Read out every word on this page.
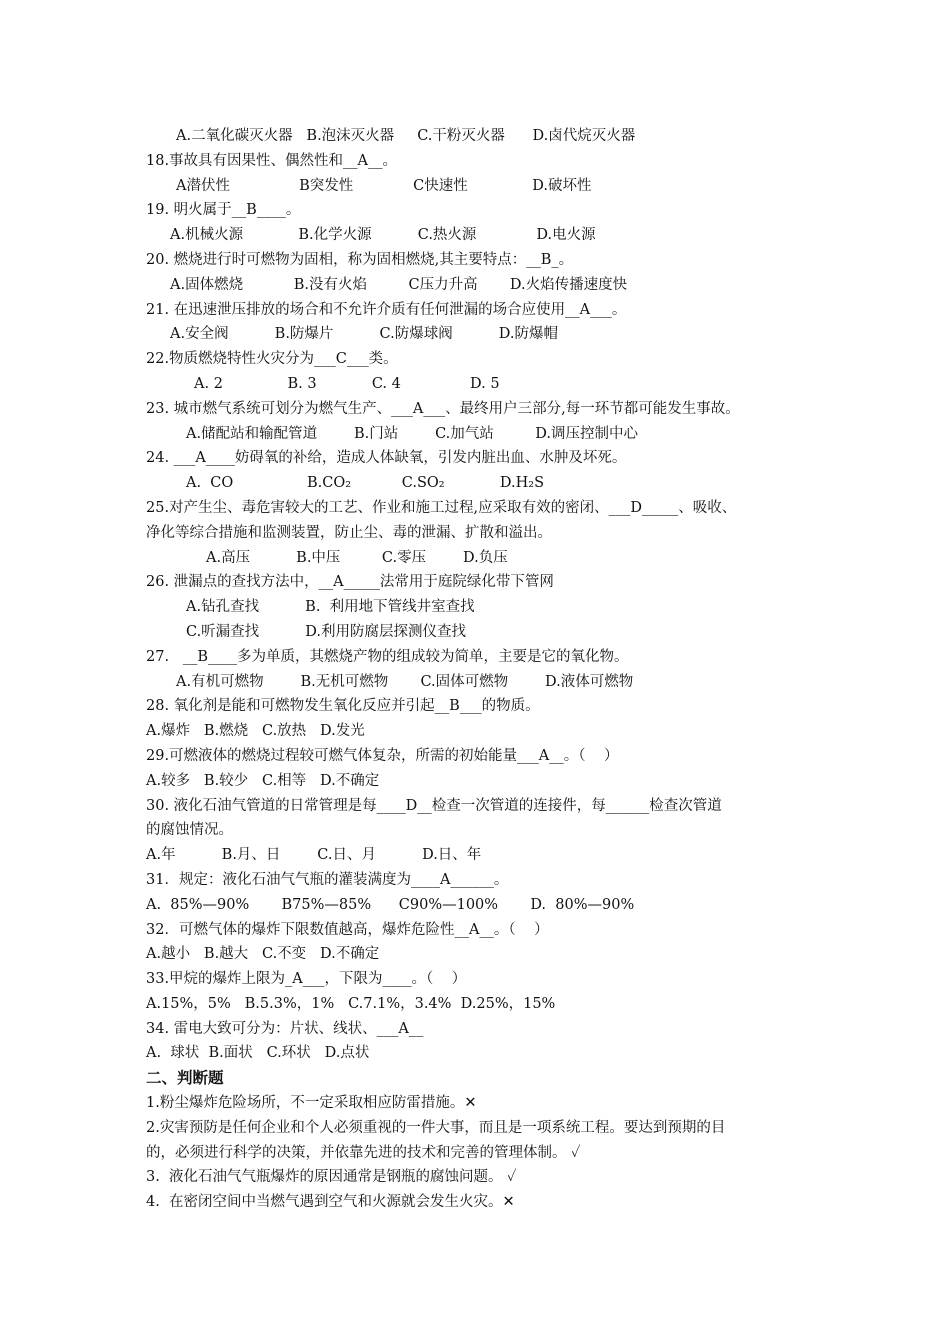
A.二氧化碳灭火器   B.泡沫灭火器     C.干粉灭火器      D.卤代烷灭火器
18.事故具有因果性、偶然性和__A__。
A潜伏性               B突发性             C快速性              D.破坏性
19. 明火属于__B____。
A.机械火源            B.化学火源          C.热火源             D.电火源
20. 燃烧进行时可燃物为固相，称为固相燃烧,其主要特点：__B_。
A.固体燃烧           B.没有火焰         C压力升高       D.火焰传播速度快
21. 在迅速泄压排放的场合和不允许介质有任何泄漏的场合应使用__A___。
A.安全阀          B.防爆片          C.防爆球阀          D.防爆帽
22.物质燃烧特性火灾分为___C___类。
A. 2              B. 3            C. 4               D. 5
23. 城市燃气系统可划分为燃气生产、___A___、最终用户三部分,每一环节都可能发生事故。
A.储配站和输配管道        B.门站        C.加气站         D.调压控制中心
24. ___A____妨碍氧的补给，造成人体缺氧，引发内脏出血、水肿及坏死。
A.  CO                B.CO₂           C.SO₂            D.H₂S
25.对产生尘、毒危害较大的工艺、作业和施工过程,应采取有效的密闭、___D_____、吸收、
净化等综合措施和监测装置，防止尘、毒的泄漏、扩散和溢出。
A.高压          B.中压         C.零压        D.负压
26. 泄漏点的查找方法中，__A_____法常用于庭院绿化带下管网
A.钻孔查找          B.  利用地下管线井室查找
C.听漏查找          D.利用防腐层探测仪查找
27.   __B____多为单质，其燃烧产物的组成较为简单，主要是它的氧化物。
A.有机可燃物        B.无机可燃物       C.固体可燃物        D.液体可燃物
28. 氧化剂是能和可燃物发生氧化反应并引起__B___的物质。
A.爆炸   B.燃烧   C.放热   D.发光
29.可燃液体的燃烧过程较可燃气体复杂，所需的初始能量___A__。（    ）
A.较多   B.较少   C.相等   D.不确定
30. 液化石油气管道的日常管理是每____D__检查一次管道的连接件，每______检查次管道
的腐蚀情况。
A.年          B.月、日        C.日、月          D.日、年
31．规定：液化石油气气瓶的灌装满度为____A______。
A.  85%—90%       B75%—85%      C90%—100%       D.  80%—90%
32．可燃气体的爆炸下限数值越高，爆炸危险性__A__。（    ）
A.越小   B.越大   C.不变   D.不确定
33.甲烷的爆炸上限为_A___，下限为____。（    ）
A.15%，5%   B.5.3%，1%   C.7.1%，3.4%  D.25%，15%
34. 雷电大致可分为：片状、线状、___A__
A.  球状  B.面状   C.环状   D.点状
二、判断题
1.粉尘爆炸危险场所，不一定采取相应防雷措施。✕
2.灾害预防是任何企业和个人必须重视的一件大事，而且是一项系统工程。要达到预期的目
的，必须进行科学的决策，并依靠先进的技术和完善的管理体制。 ✓
3.  液化石油气气瓶爆炸的原因通常是钢瓶的腐蚀问题。 ✓
4.  在密闭空间中当燃气遇到空气和火源就会发生火灾。✕
